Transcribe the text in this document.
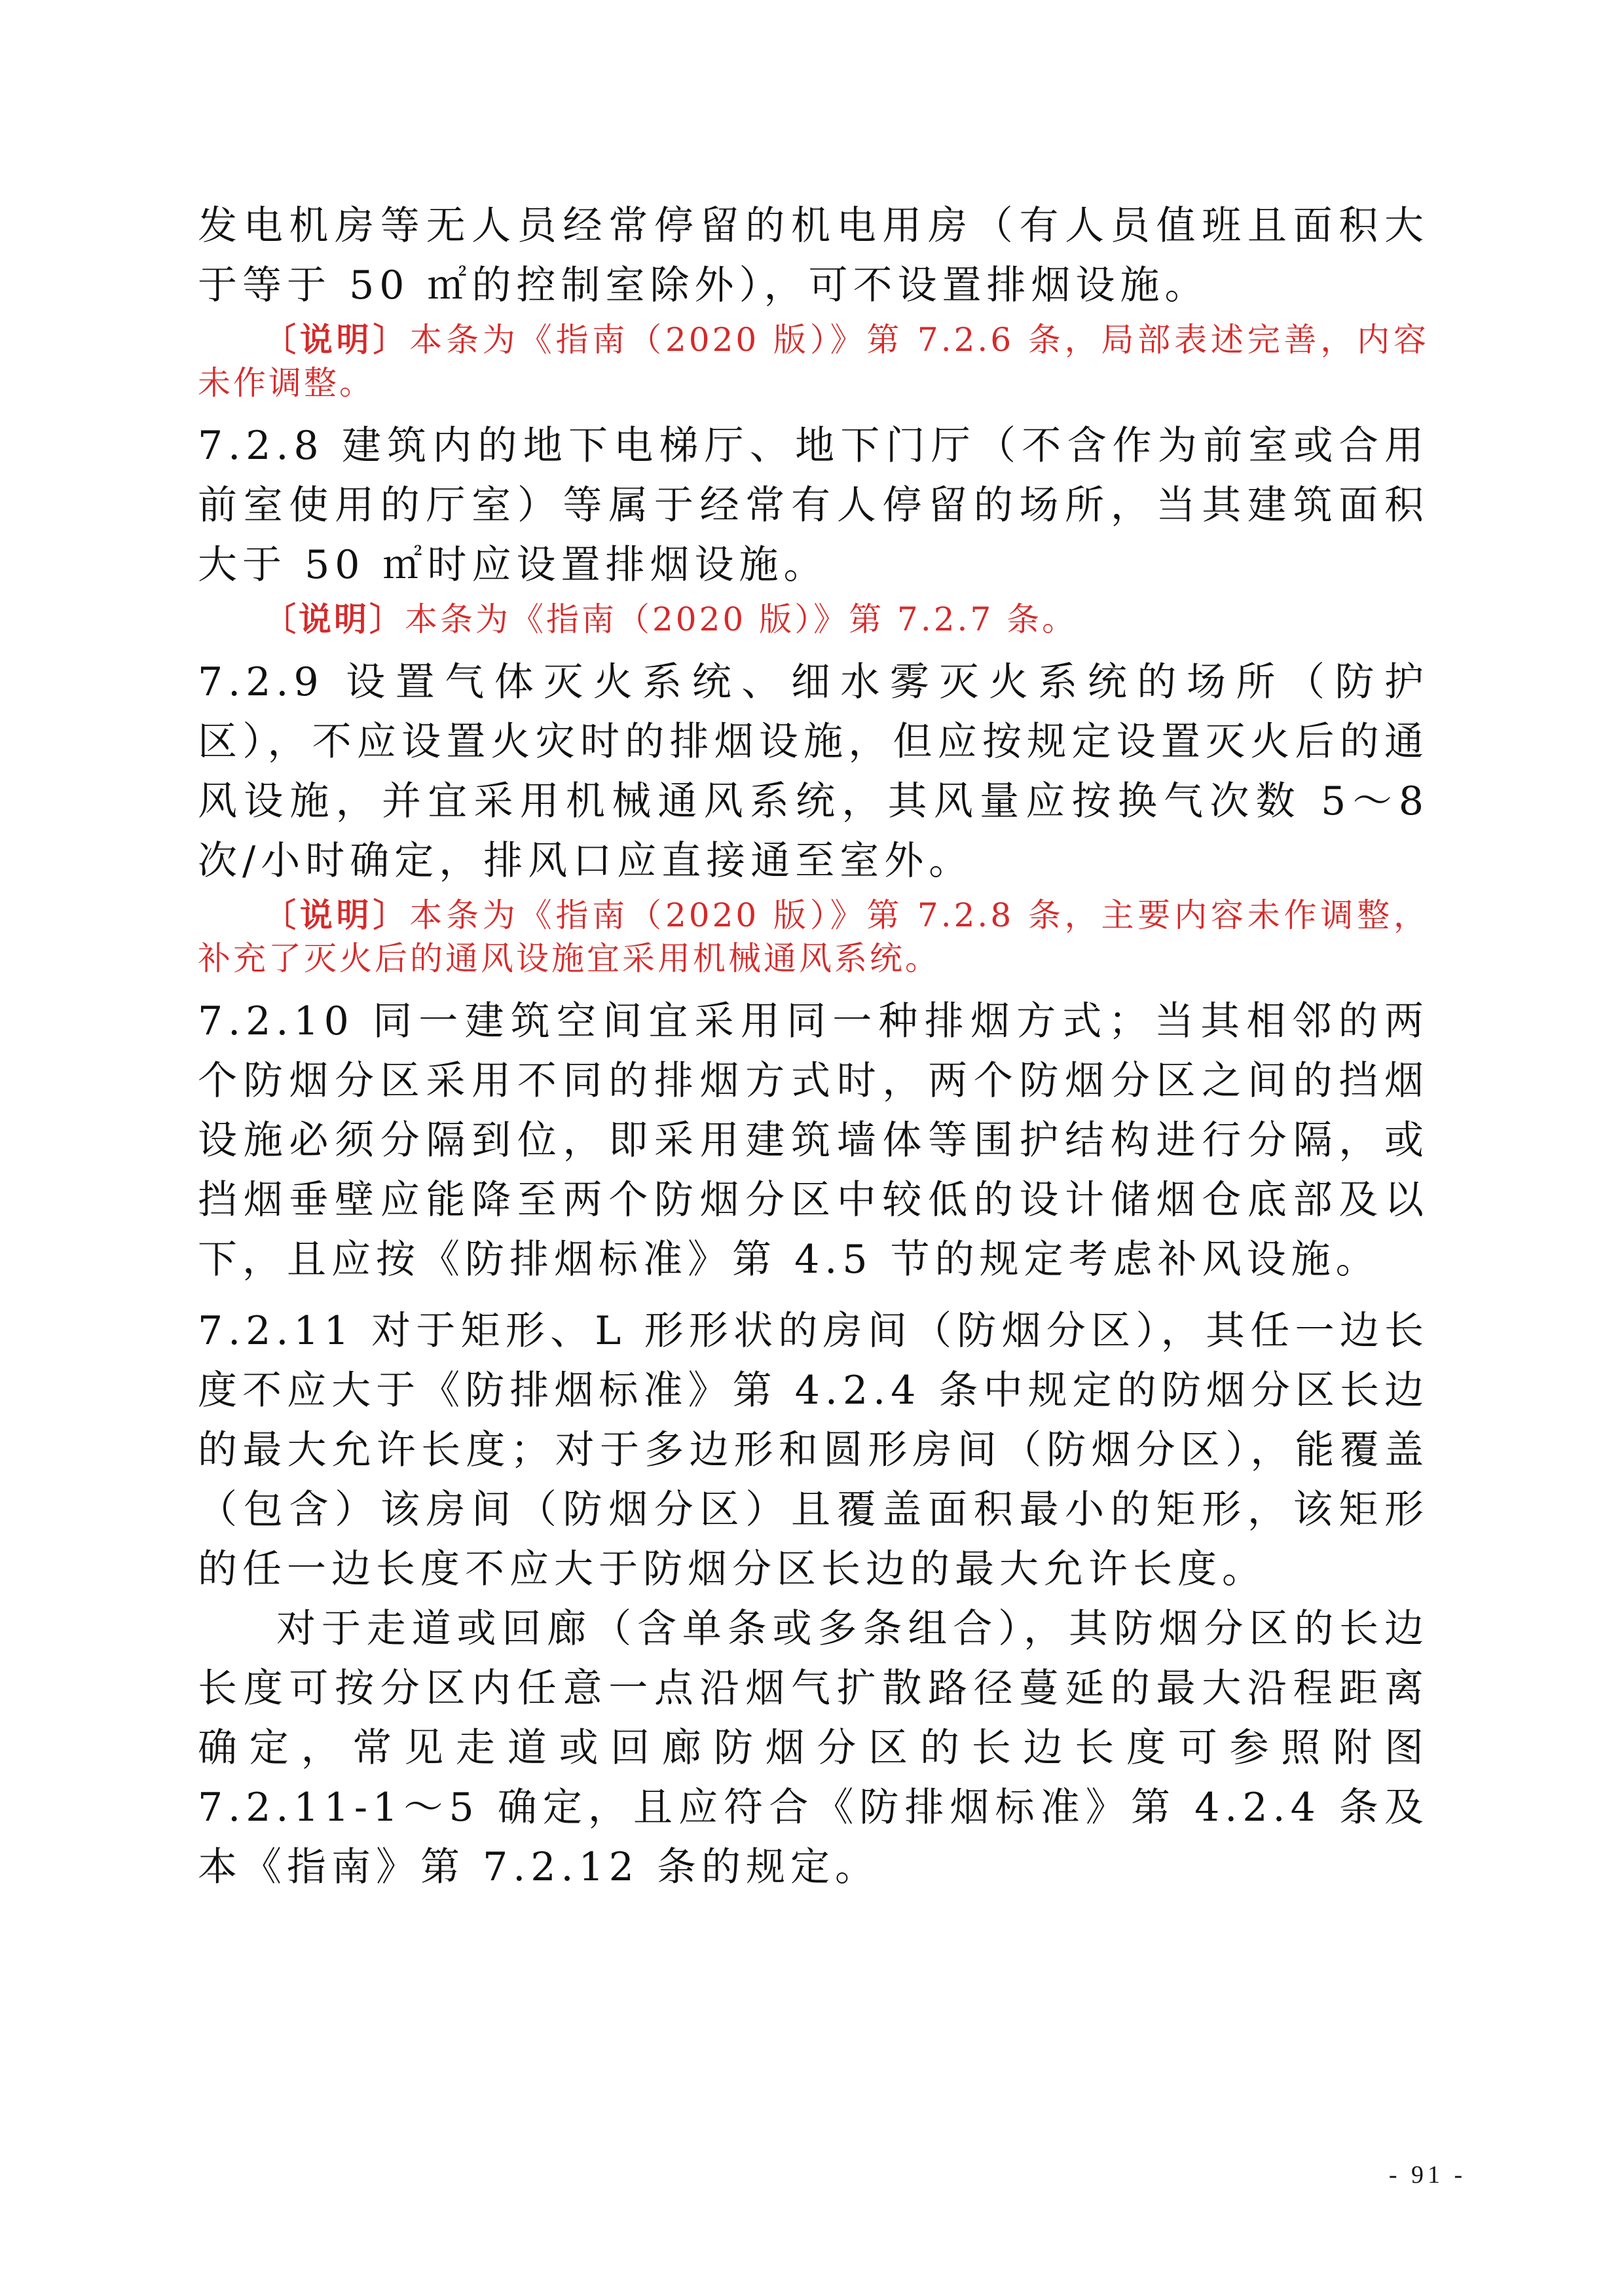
发电机房等无人员经常停留的机电用房（有人员值班且面积大于等于 50 ㎡的控制室除外），可不设置排烟设施。

〔说明〕本条为《指南（2020 版）》第 7.2.6 条，局部表述完善，内容未作调整。

7.2.8 建筑内的地下电梯厅、地下门厅（不含作为前室或合用前室使用的厅室）等属于经常有人停留的场所，当其建筑面积大于 50 ㎡时应设置排烟设施。

〔说明〕本条为《指南（2020 版）》第 7.2.7 条。

7.2.9 设置气体灭火系统、细水雾灭火系统的场所（防护区），不应设置火灾时的排烟设施，但应按规定设置灭火后的通风设施，并宜采用机械通风系统，其风量应按换气次数 5～8 次/小时确定，排风口应直接通至室外。

〔说明〕本条为《指南（2020 版）》第 7.2.8 条，主要内容未作调整，补充了灭火后的通风设施宜采用机械通风系统。

7.2.10 同一建筑空间宜采用同一种排烟方式；当其相邻的两个防烟分区采用不同的排烟方式时，两个防烟分区之间的挡烟设施必须分隔到位，即采用建筑墙体等围护结构进行分隔，或挡烟垂壁应能降至两个防烟分区中较低的设计储烟仓底部及以下，且应按《防排烟标准》第 4.5 节的规定考虑补风设施。

7.2.11 对于矩形、L 形形状的房间（防烟分区），其任一边长度不应大于《防排烟标准》第 4.2.4 条中规定的防烟分区长边的最大允许长度；对于多边形和圆形房间（防烟分区），能覆盖（包含）该房间（防烟分区）且覆盖面积最小的矩形，该矩形的任一边长度不应大于防烟分区长边的最大允许长度。

对于走道或回廊（含单条或多条组合），其防烟分区的长边长度可按分区内任意一点沿烟气扩散路径蔓延的最大沿程距离确定，常见走道或回廊防烟分区的长边长度可参照附图 7.2.11-1～5 确定，且应符合《防排烟标准》第 4.2.4 条及本《指南》第 7.2.12 条的规定。

- 91 -
